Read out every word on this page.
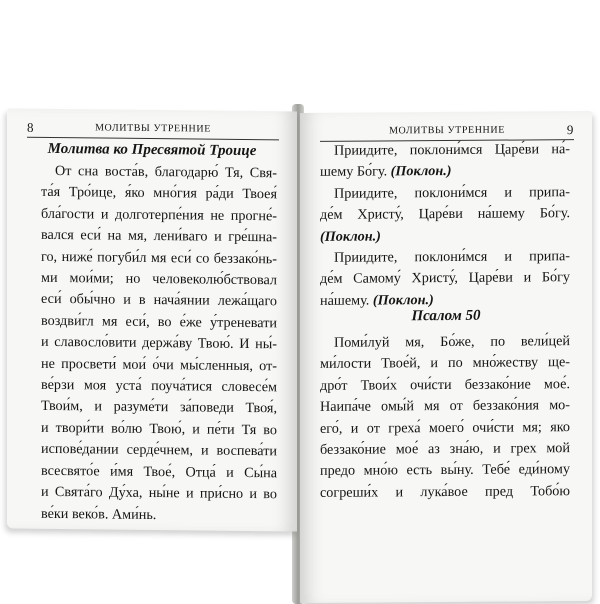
8	МОЛИТВЫ УТРЕННИЕ
Молитва ко Пресвятой Троице
От сна воста́в, благодарю́ Тя, Свя-
та́я Тро́ице, я́ко мно́гия ра́ди Твоея́
бла́гости и долготерпе́ния не прогне́-
вался еси́ на мя, лени́ваго и гре́шна-
го, ниже́ погуби́л мя еси́ со беззако́нь-
ми мои́ми; но человеколю́бствовал
еси́ обы́чно и в нача́янии лежа́щаго
воздви́гл мя еси́, во е́же у́треневати
и славосло́вити держа́ву Твою́. И ны́-
не просвети́ мои́ о́чи мы́сленныя, от-
ве́рзи моя уста́ поуча́тися словесе́м
Твои́м, и разуме́ти за́поведи Твоя́,
и твори́ти во́лю Твою́, и пе́ти Тя во
испове́дании серде́чнем, и воспева́ти
всесвято́е и́мя Твое́, Отца́ и Сы́на
и Свята́го Ду́ха, ны́не и при́сно и во
ве́ки веко́в. Ами́нь.
МОЛИТВЫ УТРЕННИЕ	9
Приидите, поклони́мся Царе́ви на́-
шему Бо́гу. (Поклон.)
Приидите, поклони́мся и припа-
де́м Христу́, Царе́ви на́шему Бо́гу.
(Поклон.)
Приидите, поклони́мся и припа-
де́м Самому́ Христу́, Царе́ви и Бо́гу
на́шему. (Поклон.)
Псалом 50
Поми́луй мя, Бо́же, по вели́цей
ми́лости Твое́й, и по мно́жеству ще-
дро́т Твои́х очи́сти беззако́ние мое́.
Наипа́че омы́й мя от беззако́ния мо-
его́, и от греха́ моего́ очи́сти мя; яко
беззако́ние мое́ аз зна́ю, и грех мой
предо мно́ю есть вы́ну. Тебе́ еди́ному
согреши́х и лука́вое пред Тобо́ю
